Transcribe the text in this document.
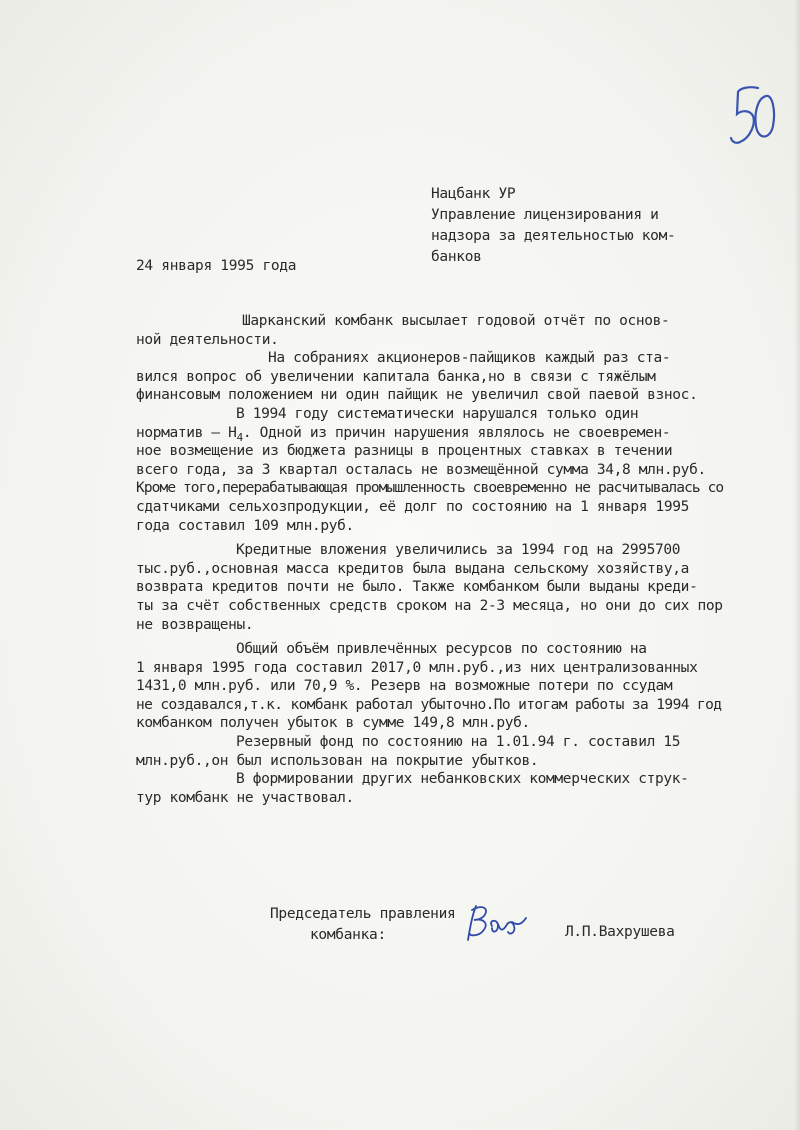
Нацбанк УР
Управление лицензирования и
надзора за деятельностью ком-
банков
24 января 1995 года
Шарканский комбанк высылает годовой отчёт по основ-
ной деятельности.
На собраниях акционеров-пайщиков каждый раз ста-
вился вопрос об увеличении капитала банка,но в связи с тяжёлым
финансовым положением ни один пайщик не увеличил свой паевой взнос.
В 1994 году систематически нарушался только один
норматив – $Н_4$. Одной из причин нарушения являлось не своевремен-
ное возмещение из бюджета разницы в процентных ставках в течении
всего года, за 3 квартал осталась не возмещённой сумма 34,8 млн.руб.
Кроме того,перерабатывающая промышленность своевременно не расчитывалась со
сдатчиками сельхозпродукции, её долг по состоянию на 1 января 1995
года составил 109 млн.руб.
Кредитные вложения увеличились за 1994 год на 2995700
тыс.руб.,основная масса кредитов была выдана сельскому хозяйству,а
возврата кредитов почти не было. Также комбанком были выданы креди-
ты за счёт собственных средств сроком на 2-3 месяца, но они до сих пор
не возвращены.
Общий объём привлечённых ресурсов по состоянию на
1 января 1995 года составил 2017,0 млн.руб.,из них централизованных
1431,0 млн.руб. или 70,9 %. Резерв на возможные потери по ссудам
не создавался,т.к. комбанк работал убыточно.По итогам работы за 1994 год
комбанком получен убыток в сумме 149,8 млн.руб.
Резервный фонд по состоянию на 1.01.94 г. составил 15
млн.руб.,он был использован на покрытие убытков.
В формировании других небанковских коммерческих струк-
тур комбанк не участвовал.
Председатель правления
комбанка:	Л.П.Вахрушева
